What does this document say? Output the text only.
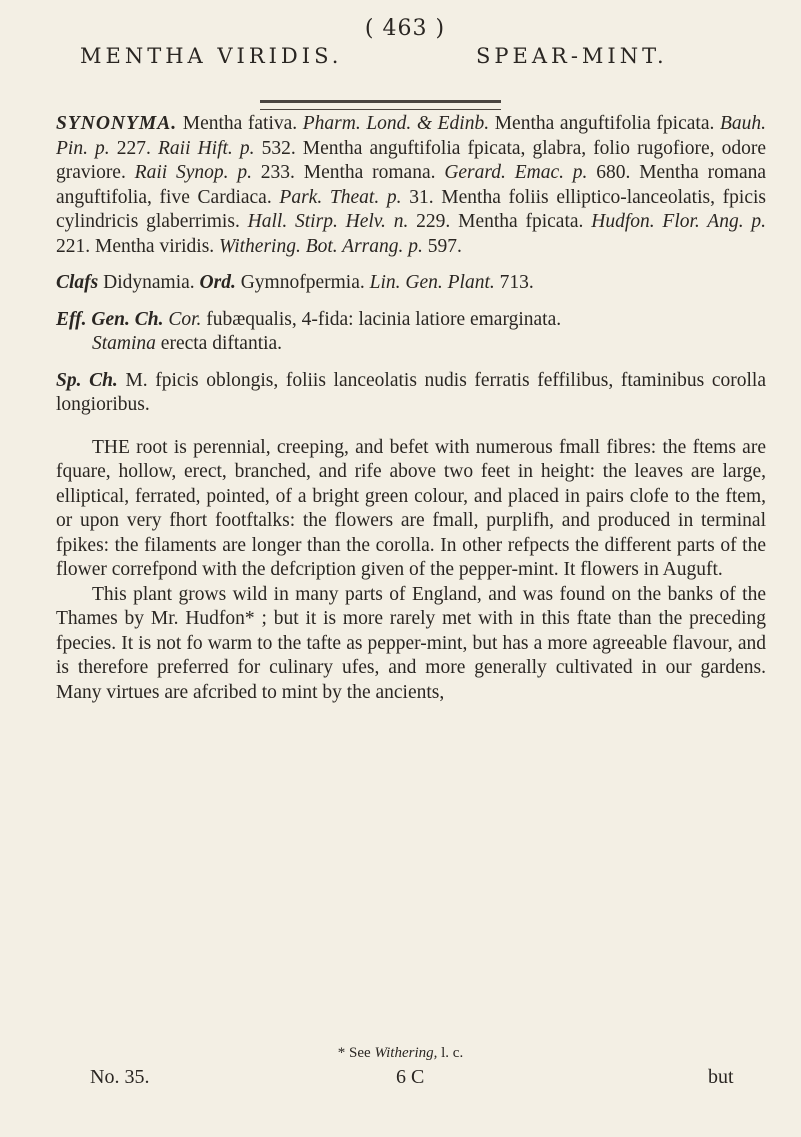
( 463 )
MENTHA VIRIDIS.	SPEAR-MINT.

SYNONYMA. Mentha fativa. Pharm. Lond. & Edinb. Mentha anguftifolia fpicata. Bauh. Pin. p. 227. Raii Hift. p. 532. Mentha anguftifolia fpicata, glabra, folio rugofiore, odore graviore. Raii Synop. p. 233. Mentha romana. Gerard. Emac. p. 680. Mentha romana anguftifolia, five Cardiaca. Park. Theat. p. 31. Mentha foliis elliptico-lanceolatis, fpicis cylindricis glaberrimis. Hall. Stirp. Helv. n. 229. Mentha fpicata. Hudfon. Flor. Ang. p. 221. Mentha viridis. Withering. Bot. Arrang. p. 597.

Clafs Didynamia. Ord. Gymnofpermia. Lin. Gen. Plant. 713.

Eff. Gen. Ch. Cor. fubæqualis, 4-fida: lacinia latiore emarginata.
Stamina erecta diftantia.

Sp. Ch. M. fpicis oblongis, foliis lanceolatis nudis ferratis feffilibus, ftaminibus corolla longioribus.

THE root is perennial, creeping, and befet with numerous fmall fibres: the ftems are fquare, hollow, erect, branched, and rife above two feet in height: the leaves are large, elliptical, ferrated, pointed, of a bright green colour, and placed in pairs clofe to the ftem, or upon very fhort footftalks: the flowers are fmall, purplifh, and produced in terminal fpikes: the filaments are longer than the corolla. In other refpects the different parts of the flower correfpond with the defcription given of the pepper-mint. It flowers in Auguft.

This plant grows wild in many parts of England, and was found on the banks of the Thames by Mr. Hudfon* ; but it is more rarely met with in this ftate than the preceding fpecies. It is not fo warm to the tafte as pepper-mint, but has a more agreeable flavour, and is therefore preferred for culinary ufes, and more generally cultivated in our gardens. Many virtues are afcribed to mint by the ancients,

* See Withering, l. c.
No. 35.	6 C	but
